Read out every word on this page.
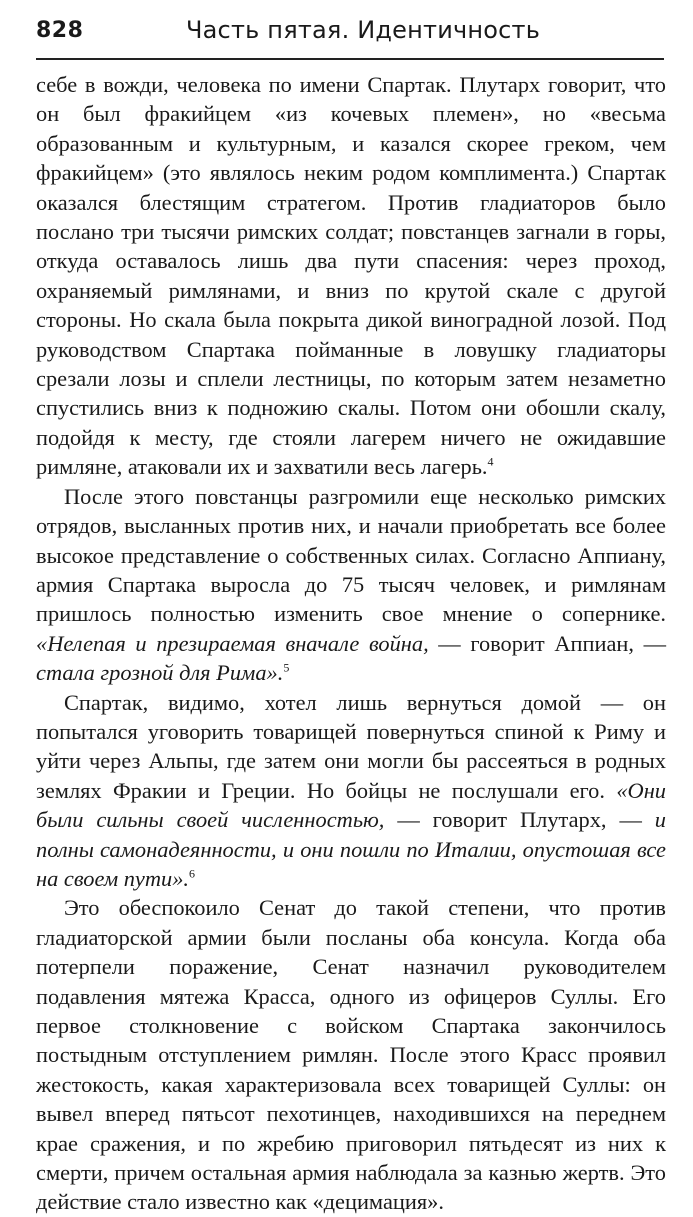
828	Часть пятая. Идентичность

себе в вожди, человека по имени Спартак. Плутарх говорит, что он был фракийцем «из кочевых племен», но «весьма образованным и культурным, и казался скорее греком, чем фракийцем» (это являлось неким родом комплимента.) Спартак оказался блестящим стратегом. Против гладиаторов было послано три тысячи римских солдат; повстанцев загнали в горы, откуда оставалось лишь два пути спасения: через проход, охраняемый римлянами, и вниз по крутой скале с другой стороны. Но скала была покрыта дикой виноградной лозой. Под руководством Спартака пойманные в ловушку гладиаторы срезали лозы и сплели лестницы, по которым затем незаметно спустились вниз к подножию скалы. Потом они обошли скалу, подойдя к месту, где стояли лагерем ничего не ожидавшие римляне, атаковали их и захватили весь лагерь.$^4$

После этого повстанцы разгромили еще несколько римских отрядов, высланных против них, и начали приобретать все более высокое представление о собственных силах. Согласно Аппиану, армия Спартака выросла до 75 тысяч человек, и римлянам пришлось полностью изменить свое мнение о сопернике. «Нелепая и презираемая вначале война, — говорит Аппиан, — стала грозной для Рима».$^5$

Спартак, видимо, хотел лишь вернуться домой — он попытался уговорить товарищей повернуться спиной к Риму и уйти через Альпы, где затем они могли бы рассеяться в родных землях Фракии и Греции. Но бойцы не послушали его. «Они были сильны своей численностью, — говорит Плутарх, — и полны самонадеянности, и они пошли по Италии, опустошая все на своем пути».$^6$

Это обеспокоило Сенат до такой степени, что против гладиаторской армии были посланы оба консула. Когда оба потерпели поражение, Сенат назначил руководителем подавления мятежа Красса, одного из офицеров Суллы. Его первое столкновение с войском Спартака закончилось постыдным отступлением римлян. После этого Красс проявил жестокость, какая характеризовала всех товарищей Суллы: он вывел вперед пятьсот пехотинцев, находившихся на переднем крае сражения, и по жребию приговорил пятьдесят из них к смерти, причем остальная армия наблюдала за казнью жертв. Это действие стало известно как «децимация».
